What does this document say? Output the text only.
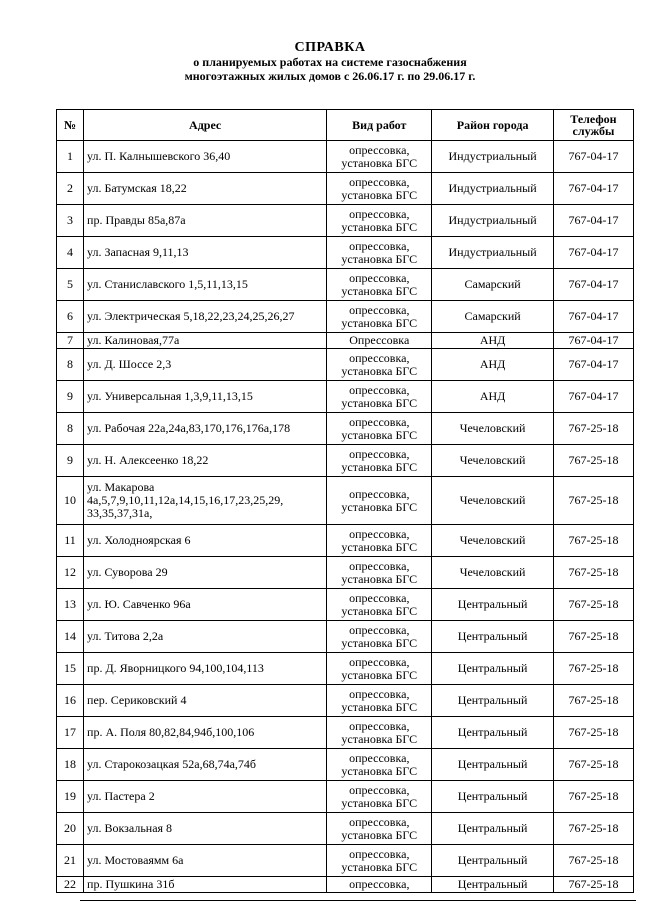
СПРАВКА
о планируемых работах на системе газоснабжения
многоэтажных жилых домов с 26.06.17 г. по 29.06.17 г.
№	Адрес	Вид работ	Район города	Телефон службы
1	ул. П. Калнышевского 36,40	опрессовка, установка БГС	Индустриальный	767-04-17
2	ул. Батумская 18,22	опрессовка, установка БГС	Индустриальный	767-04-17
3	пр. Правды 85а,87а	опрессовка, установка БГС	Индустриальный	767-04-17
4	ул. Запасная 9,11,13	опрессовка, установка БГС	Индустриальный	767-04-17
5	ул. Станиславского 1,5,11,13,15	опрессовка, установка БГС	Самарский	767-04-17
6	ул. Электрическая 5,18,22,23,24,25,26,27	опрессовка, установка БГС	Самарский	767-04-17
7	ул. Калиновая,77а	Опрессовка	АНД	767-04-17
8	ул. Д. Шоссе 2,3	опрессовка, установка БГС	АНД	767-04-17
9	ул. Универсальная 1,3,9,11,13,15	опрессовка, установка БГС	АНД	767-04-17
8	ул. Рабочая 22а,24а,83,170,176,176а,178	опрессовка, установка БГС	Чечеловский	767-25-18
9	ул. Н. Алексеенко 18,22	опрессовка, установка БГС	Чечеловский	767-25-18
10	ул. Макарова 4а,5,7,9,10,11,12а,14,15,16,17,23,25,29, 33,35,37,31а,	опрессовка, установка БГС	Чечеловский	767-25-18
11	ул. Холодноярская 6	опрессовка, установка БГС	Чечеловский	767-25-18
12	ул. Суворова 29	опрессовка, установка БГС	Чечеловский	767-25-18
13	ул. Ю. Савченко 96а	опрессовка, установка БГС	Центральный	767-25-18
14	ул. Титова 2,2а	опрессовка, установка БГС	Центральный	767-25-18
15	пр. Д. Яворницкого 94,100,104,113	опрессовка, установка БГС	Центральный	767-25-18
16	пер. Сериковский 4	опрессовка, установка БГС	Центральный	767-25-18
17	пр. А. Поля 80,82,84,94б,100,106	опрессовка, установка БГС	Центральный	767-25-18
18	ул. Старокозацкая 52а,68,74а,74б	опрессовка, установка БГС	Центральный	767-25-18
19	ул. Пастера 2	опрессовка, установка БГС	Центральный	767-25-18
20	ул. Вокзальная 8	опрессовка, установка БГС	Центральный	767-25-18
21	ул. Мостоваямм 6а	опрессовка, установка БГС	Центральный	767-25-18
22	пр. Пушкина 31б	опрессовка,	Центральный	767-25-18
